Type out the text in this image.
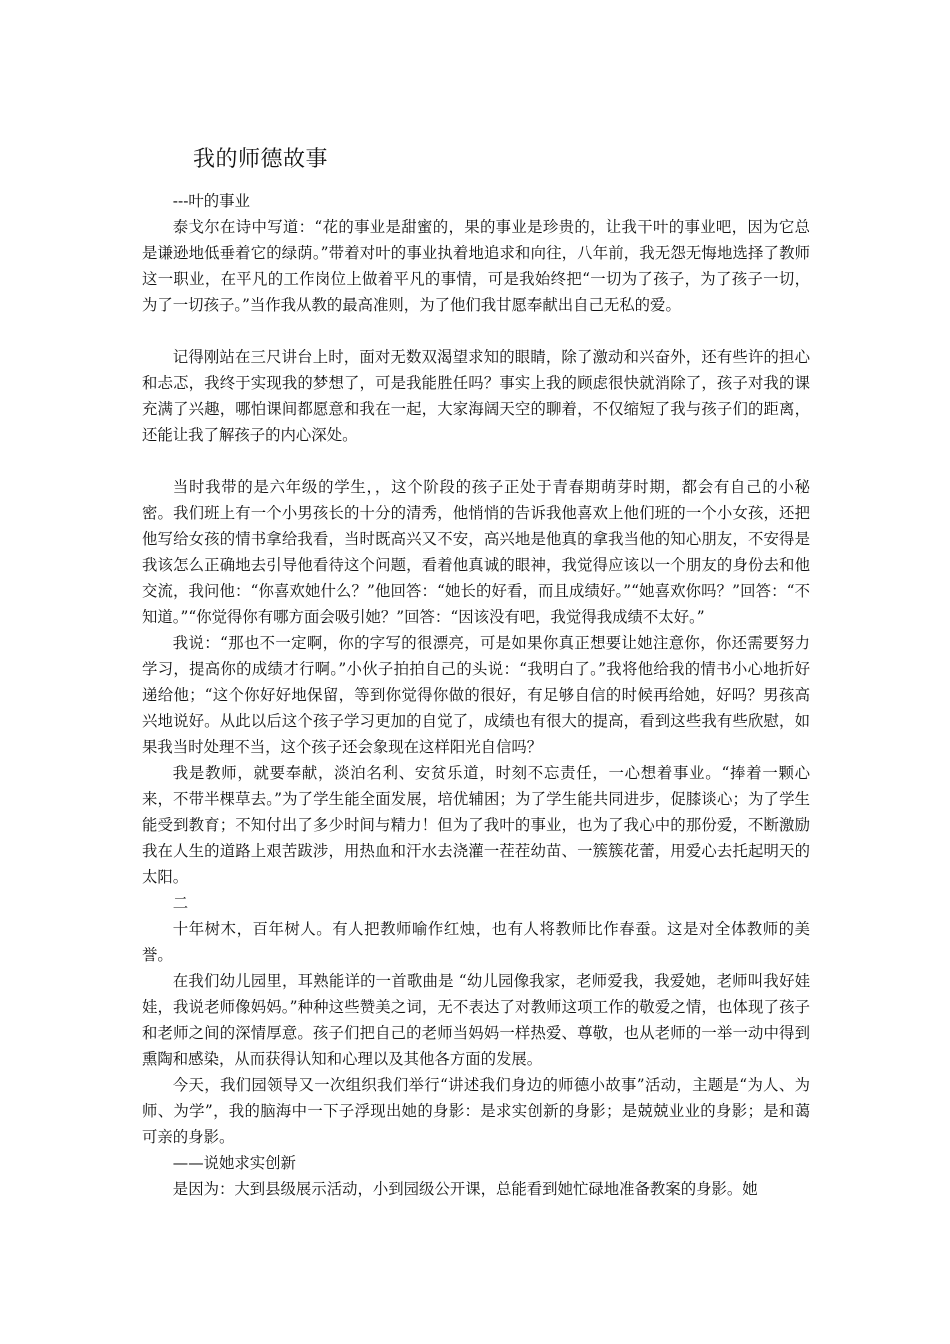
我的师德故事

---叶的事业

泰戈尔在诗中写道：“花的事业是甜蜜的，果的事业是珍贵的，让我干叶的事业吧，因为它总是谦逊地低垂着它的绿荫。”带着对叶的事业执着地追求和向往，八年前，我无怨无悔地选择了教师这一职业，在平凡的工作岗位上做着平凡的事情，可是我始终把“一切为了孩子，为了孩子一切，为了一切孩子。”当作我从教的最高准则，为了他们我甘愿奉献出自己无私的爱。

记得刚站在三尺讲台上时，面对无数双渴望求知的眼睛，除了激动和兴奋外，还有些许的担心和忐忑，我终于实现我的梦想了，可是我能胜任吗？事实上我的顾虑很快就消除了，孩子对我的课充满了兴趣，哪怕课间都愿意和我在一起，大家海阔天空的聊着，不仅缩短了我与孩子们的距离，还能让我了解孩子的内心深处。

当时我带的是六年级的学生，，这个阶段的孩子正处于青春期萌芽时期，都会有自己的小秘密。我们班上有一个小男孩长的十分的清秀，他悄悄的告诉我他喜欢上他们班的一个小女孩，还把他写给女孩的情书拿给我看，当时既高兴又不安，高兴地是他真的拿我当他的知心朋友，不安得是我该怎么正确地去引导他看待这个问题，看着他真诚的眼神，我觉得应该以一个朋友的身份去和他交流，我问他：“你喜欢她什么？”他回答：“她长的好看，而且成绩好。”“她喜欢你吗？”回答：“不知道。”“你觉得你有哪方面会吸引她？”回答：“因该没有吧，我觉得我成绩不太好。”

我说：“那也不一定啊，你的字写的很漂亮，可是如果你真正想要让她注意你，你还需要努力学习，提高你的成绩才行啊。”小伙子拍拍自己的头说：“我明白了。”我将他给我的情书小心地折好递给他；“这个你好好地保留，等到你觉得你做的很好，有足够自信的时候再给她，好吗？男孩高兴地说好。从此以后这个孩子学习更加的自觉了，成绩也有很大的提高，看到这些我有些欣慰，如果我当时处理不当，这个孩子还会象现在这样阳光自信吗？

我是教师，就要奉献，淡泊名利、安贫乐道，时刻不忘责任，一心想着事业。“捧着一颗心来，不带半棵草去。”为了学生能全面发展，培优辅困；为了学生能共同进步，促膝谈心；为了学生能受到教育；不知付出了多少时间与精力！但为了我叶的事业，也为了我心中的那份爱，不断激励我在人生的道路上艰苦跋涉，用热血和汗水去浇灌一茬茬幼苗、一簇簇花蕾，用爱心去托起明天的太阳。

二

十年树木，百年树人。有人把教师喻作红烛，也有人将教师比作春蚕。这是对全体教师的美誉。

在我们幼儿园里，耳熟能详的一首歌曲是 “幼儿园像我家，老师爱我，我爱她，老师叫我好娃娃，我说老师像妈妈。”种种这些赞美之词，无不表达了对教师这项工作的敬爱之情，也体现了孩子和老师之间的深情厚意。孩子们把自己的老师当妈妈一样热爱、尊敬，也从老师的一举一动中得到熏陶和感染，从而获得认知和心理以及其他各方面的发展。

今天，我们园领导又一次组织我们举行“讲述我们身边的师德小故事”活动，主题是“为人、为师、为学”，我的脑海中一下子浮现出她的身影：是求实创新的身影；是兢兢业业的身影；是和蔼可亲的身影。

——说她求实创新

是因为：大到县级展示活动，小到园级公开课，总能看到她忙碌地准备教案的身影。她
